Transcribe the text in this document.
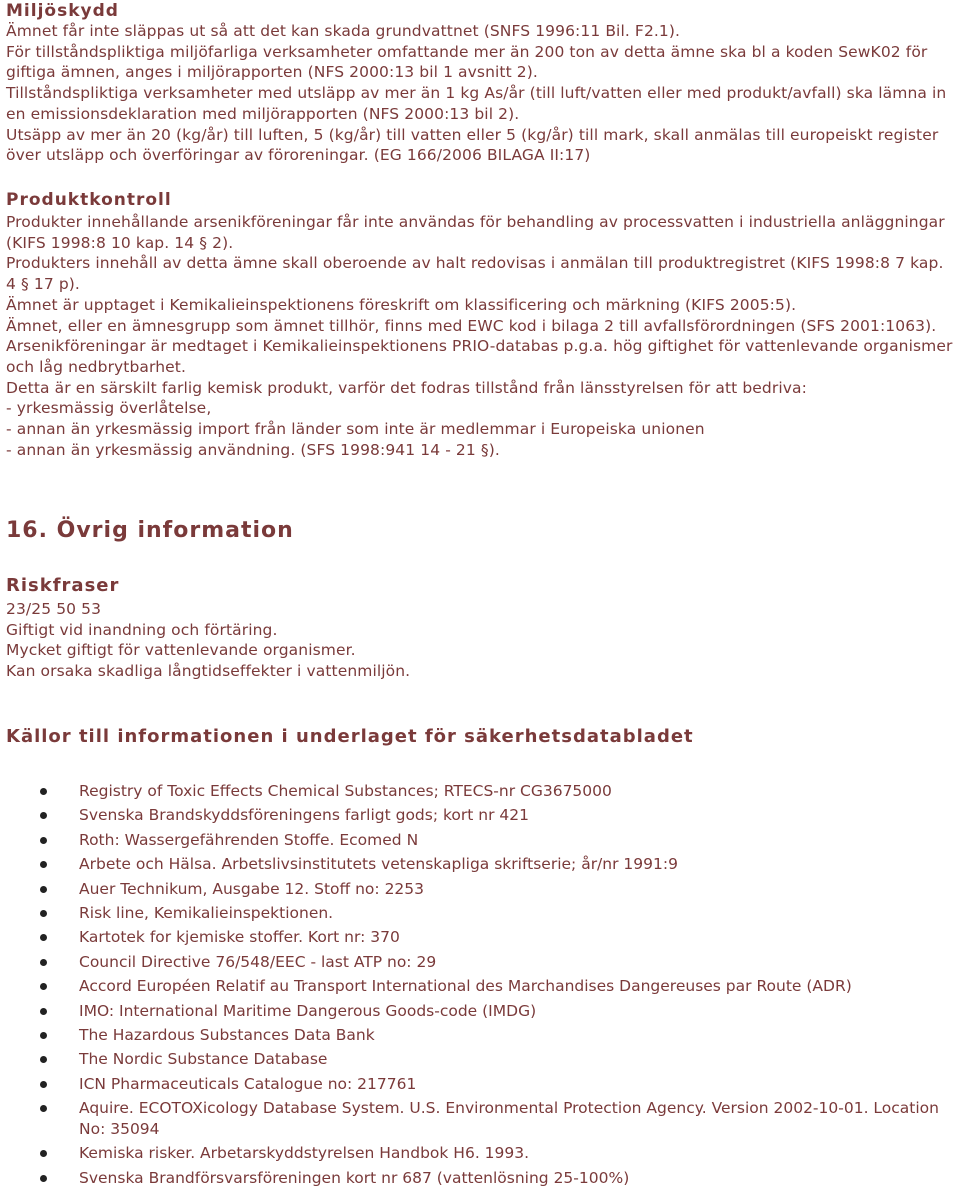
Miljöskydd

Ämnet får inte släppas ut så att det kan skada grundvattnet (SNFS 1996:11 Bil. F2.1).

För tillståndspliktiga miljöfarliga verksamheter omfattande mer än 200 ton av detta ämne ska bl a koden SewK02 för giftiga ämnen, anges i miljörapporten (NFS 2000:13 bil 1 avsnitt 2).

Tillståndspliktiga verksamheter med utsläpp av mer än 1 kg As/år (till luft/vatten eller med produkt/avfall) ska lämna in en emissionsdeklaration med miljörapporten (NFS 2000:13 bil 2).

Utsäpp av mer än 20 (kg/år) till luften, 5 (kg/år) till vatten eller 5 (kg/år) till mark, skall anmälas till europeiskt register över utsläpp och överföringar av föroreningar. (EG 166/2006 BILAGA II:17)

Produktkontroll

Produkter innehållande arsenikföreningar får inte användas för behandling av processvatten i industriella anläggningar (KIFS 1998:8 10 kap. 14 § 2).

Produkters innehåll av detta ämne skall oberoende av halt redovisas i anmälan till produktregistret (KIFS 1998:8 7 kap. 4 § 17 p).

Ämnet är upptaget i Kemikalieinspektionens föreskrift om klassificering och märkning (KIFS 2005:5).

Ämnet, eller en ämnesgrupp som ämnet tillhör, finns med EWC kod i bilaga 2 till avfallsförordningen (SFS 2001:1063).

Arsenikföreningar är medtaget i Kemikalieinspektionens PRIO-databas p.g.a. hög giftighet för vattenlevande organismer och låg nedbrytbarhet.

Detta är en särskilt farlig kemisk produkt, varför det fodras tillstånd från länsstyrelsen för att bedriva:

- yrkesmässig överlåtelse,

- annan än yrkesmässig import från länder som inte är medlemmar i Europeiska unionen

- annan än yrkesmässig användning. (SFS 1998:941 14 - 21 §).

16. Övrig information
Riskfraser

23/25 50 53

Giftigt vid inandning och förtäring.

Mycket giftigt för vattenlevande organismer.

Kan orsaka skadliga långtidseffekter i vattenmiljön.

Källor till informationen i underlaget för säkerhetsdatabladet
Registry of Toxic Effects Chemical Substances; RTECS-nr CG3675000
Svenska Brandskyddsföreningens farligt gods; kort nr 421
Roth: Wassergefährenden Stoffe. Ecomed N
Arbete och Hälsa. Arbetslivsinstitutets vetenskapliga skriftserie; år/nr 1991:9
Auer Technikum, Ausgabe 12. Stoff no: 2253
Risk line, Kemikalieinspektionen.
Kartotek for kjemiske stoffer. Kort nr: 370
Council Directive 76/548/EEC - last ATP no: 29
Accord Européen Relatif au Transport International des Marchandises Dangereuses par Route (ADR)
IMO: International Maritime Dangerous Goods-code (IMDG)
The Hazardous Substances Data Bank
The Nordic Substance Database
ICN Pharmaceuticals Catalogue no: 217761
Aquire. ECOTOXicology Database System. U.S. Environmental Protection Agency. Version 2002-10-01. Location No: 35094
Kemiska risker. Arbetarskyddstyrelsen Handbok H6. 1993.
Svenska Brandförsvarsföreningen kort nr 687 (vattenlösning 25-100%)
